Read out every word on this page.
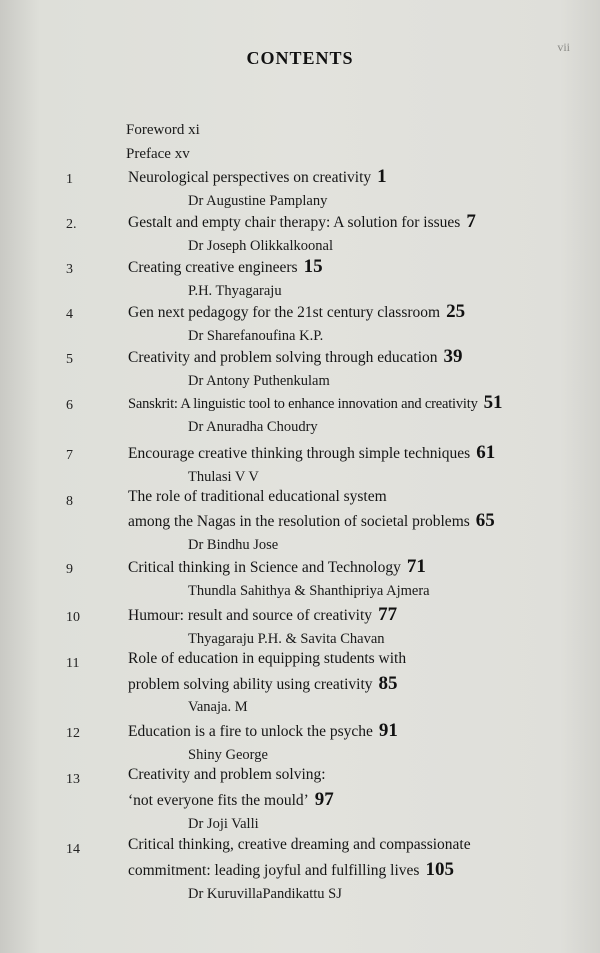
vii
CONTENTS
Foreword xi
Preface xv
1	Neurological perspectives on creativity 1
Dr Augustine Pamplany
2.	Gestalt and empty chair therapy: A solution for issues 7
Dr Joseph Olikkalkoonal
3	Creating creative engineers 15
P.H. Thyagaraju
4	Gen next pedagogy for the 21st century classroom 25
Dr Sharefanoufina K.P.
5	Creativity and problem solving through education 39
Dr Antony Puthenkulam
6	Sanskrit: A linguistic tool to enhance innovation and creativity 51
Dr Anuradha Choudry
7	Encourage creative thinking through simple techniques 61
Thulasi V V
8	The role of traditional educational system
among the Nagas in the resolution of societal problems 65
Dr Bindhu Jose
9	Critical thinking in Science and Technology 71
Thundla Sahithya & Shanthipriya Ajmera
10	Humour: result and source of creativity 77
Thyagaraju P.H. & Savita Chavan
11	Role of education in equipping students with
problem solving ability using creativity 85
Vanaja. M
12	Education is a fire to unlock the psyche 91
Shiny George
13	Creativity and problem solving:
‘not everyone fits the mould’ 97
Dr Joji Valli
14	Critical thinking, creative dreaming and compassionate
commitment: leading joyful and fulfilling lives 105
Dr KuruvillaPandikattu SJ
